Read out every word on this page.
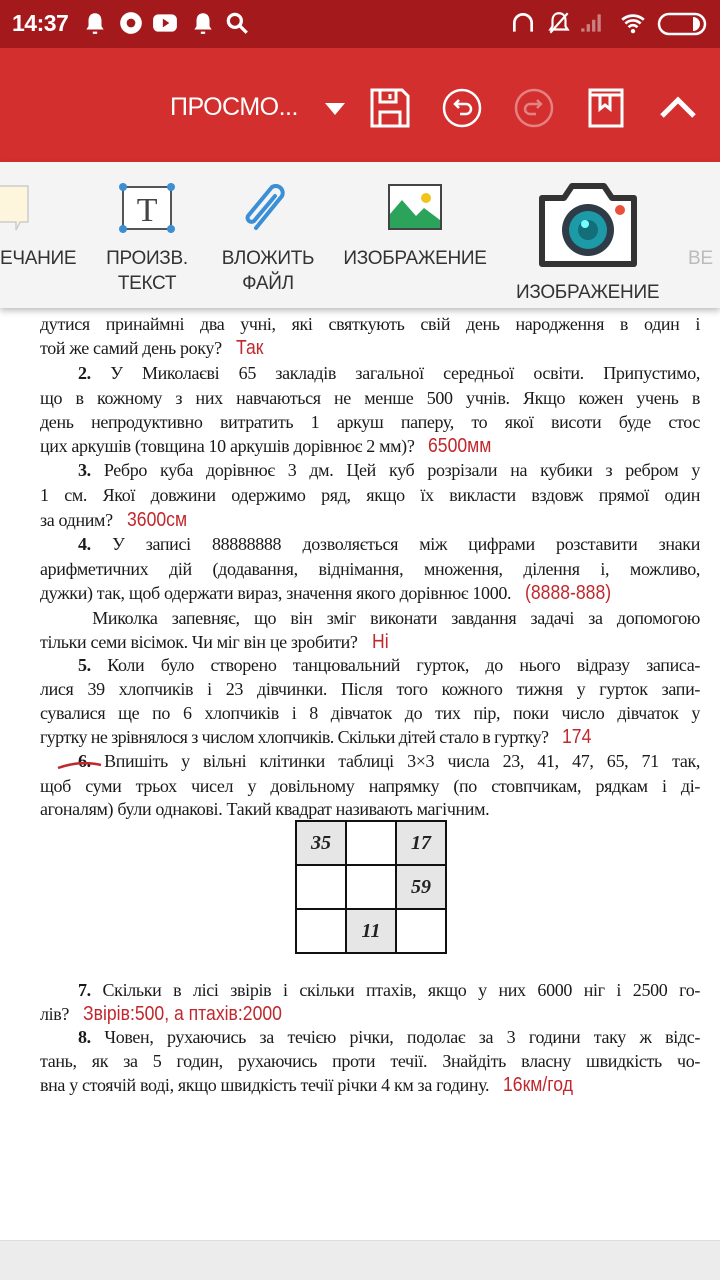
дутися принаймні два учні, які святкують свій день народження в один і
той же самий день року? Так
2. У Миколаєві 65 закладів загальної середньої освіти. Припустимо,
що в кожному з них навчаються не менше 500 учнів. Якщо кожен учень в
день непродуктивно витратить 1 аркуш паперу, то якої висоти буде стос
цих аркушів (товщина 10 аркушів дорівнює 2 мм)? 6500мм
3. Ребро куба дорівнює 3 дм. Цей куб розрізали на кубики з ребром у
1 см. Якої довжини одержимо ряд, якщо їх викласти вздовж прямої один
за одним? 3600см
4. У записі 88888888 дозволяється між цифрами розставити знаки
арифметичних дій (додавання, віднімання, множення, ділення і, можливо,
дужки) так, щоб одержати вираз, значення якого дорівнює 1000. (8888-888)
Миколка запевняє, що він зміг виконати завдання задачі за допомогою
тільки семи вісімок. Чи міг він це зробити? Ні
5. Коли було створено танцювальний гурток, до нього відразу записа-
лися 39 хлопчиків і 23 дівчинки. Після того кожного тижня у гурток запи-
сувалися ще по 6 хлопчиків і 8 дівчаток до тих пір, поки число дівчаток у
гуртку не зрівнялося з числом хлопчиків. Скільки дітей стало в гуртку? 174
6. Впишіть у вільні клітинки таблиці 3×3 числа 23, 41, 47, 65, 71 так,
щоб суми трьох чисел у довільному напрямку (по стовпчикам, рядкам і ді-
агоналям) були однакові. Такий квадрат називають магічним.
7. Скільки в лісі звірів і скільки птахів, якщо у них 6000 ніг і 2500 го-
лів? Звірів:500, а птахів:2000
8. Човен, рухаючись за течією річки, подолає за 3 години таку ж відс-
тань, як за 5 годин, рухаючись проти течії. Знайдіть власну швидкість чо-
вна у стоячій воді, якщо швидкість течії річки 4 км за годину. 16км/год
35		17
		59
	11	
14:37
ПРОСМО...
ЕЧАНИЕ
T
ПРОИЗВ.
ТЕКСТ
ВЛОЖИТЬ
ФАЙЛ
ИЗОБРАЖЕНИЕ
ИЗОБРАЖЕНИЕ
ВЕ
